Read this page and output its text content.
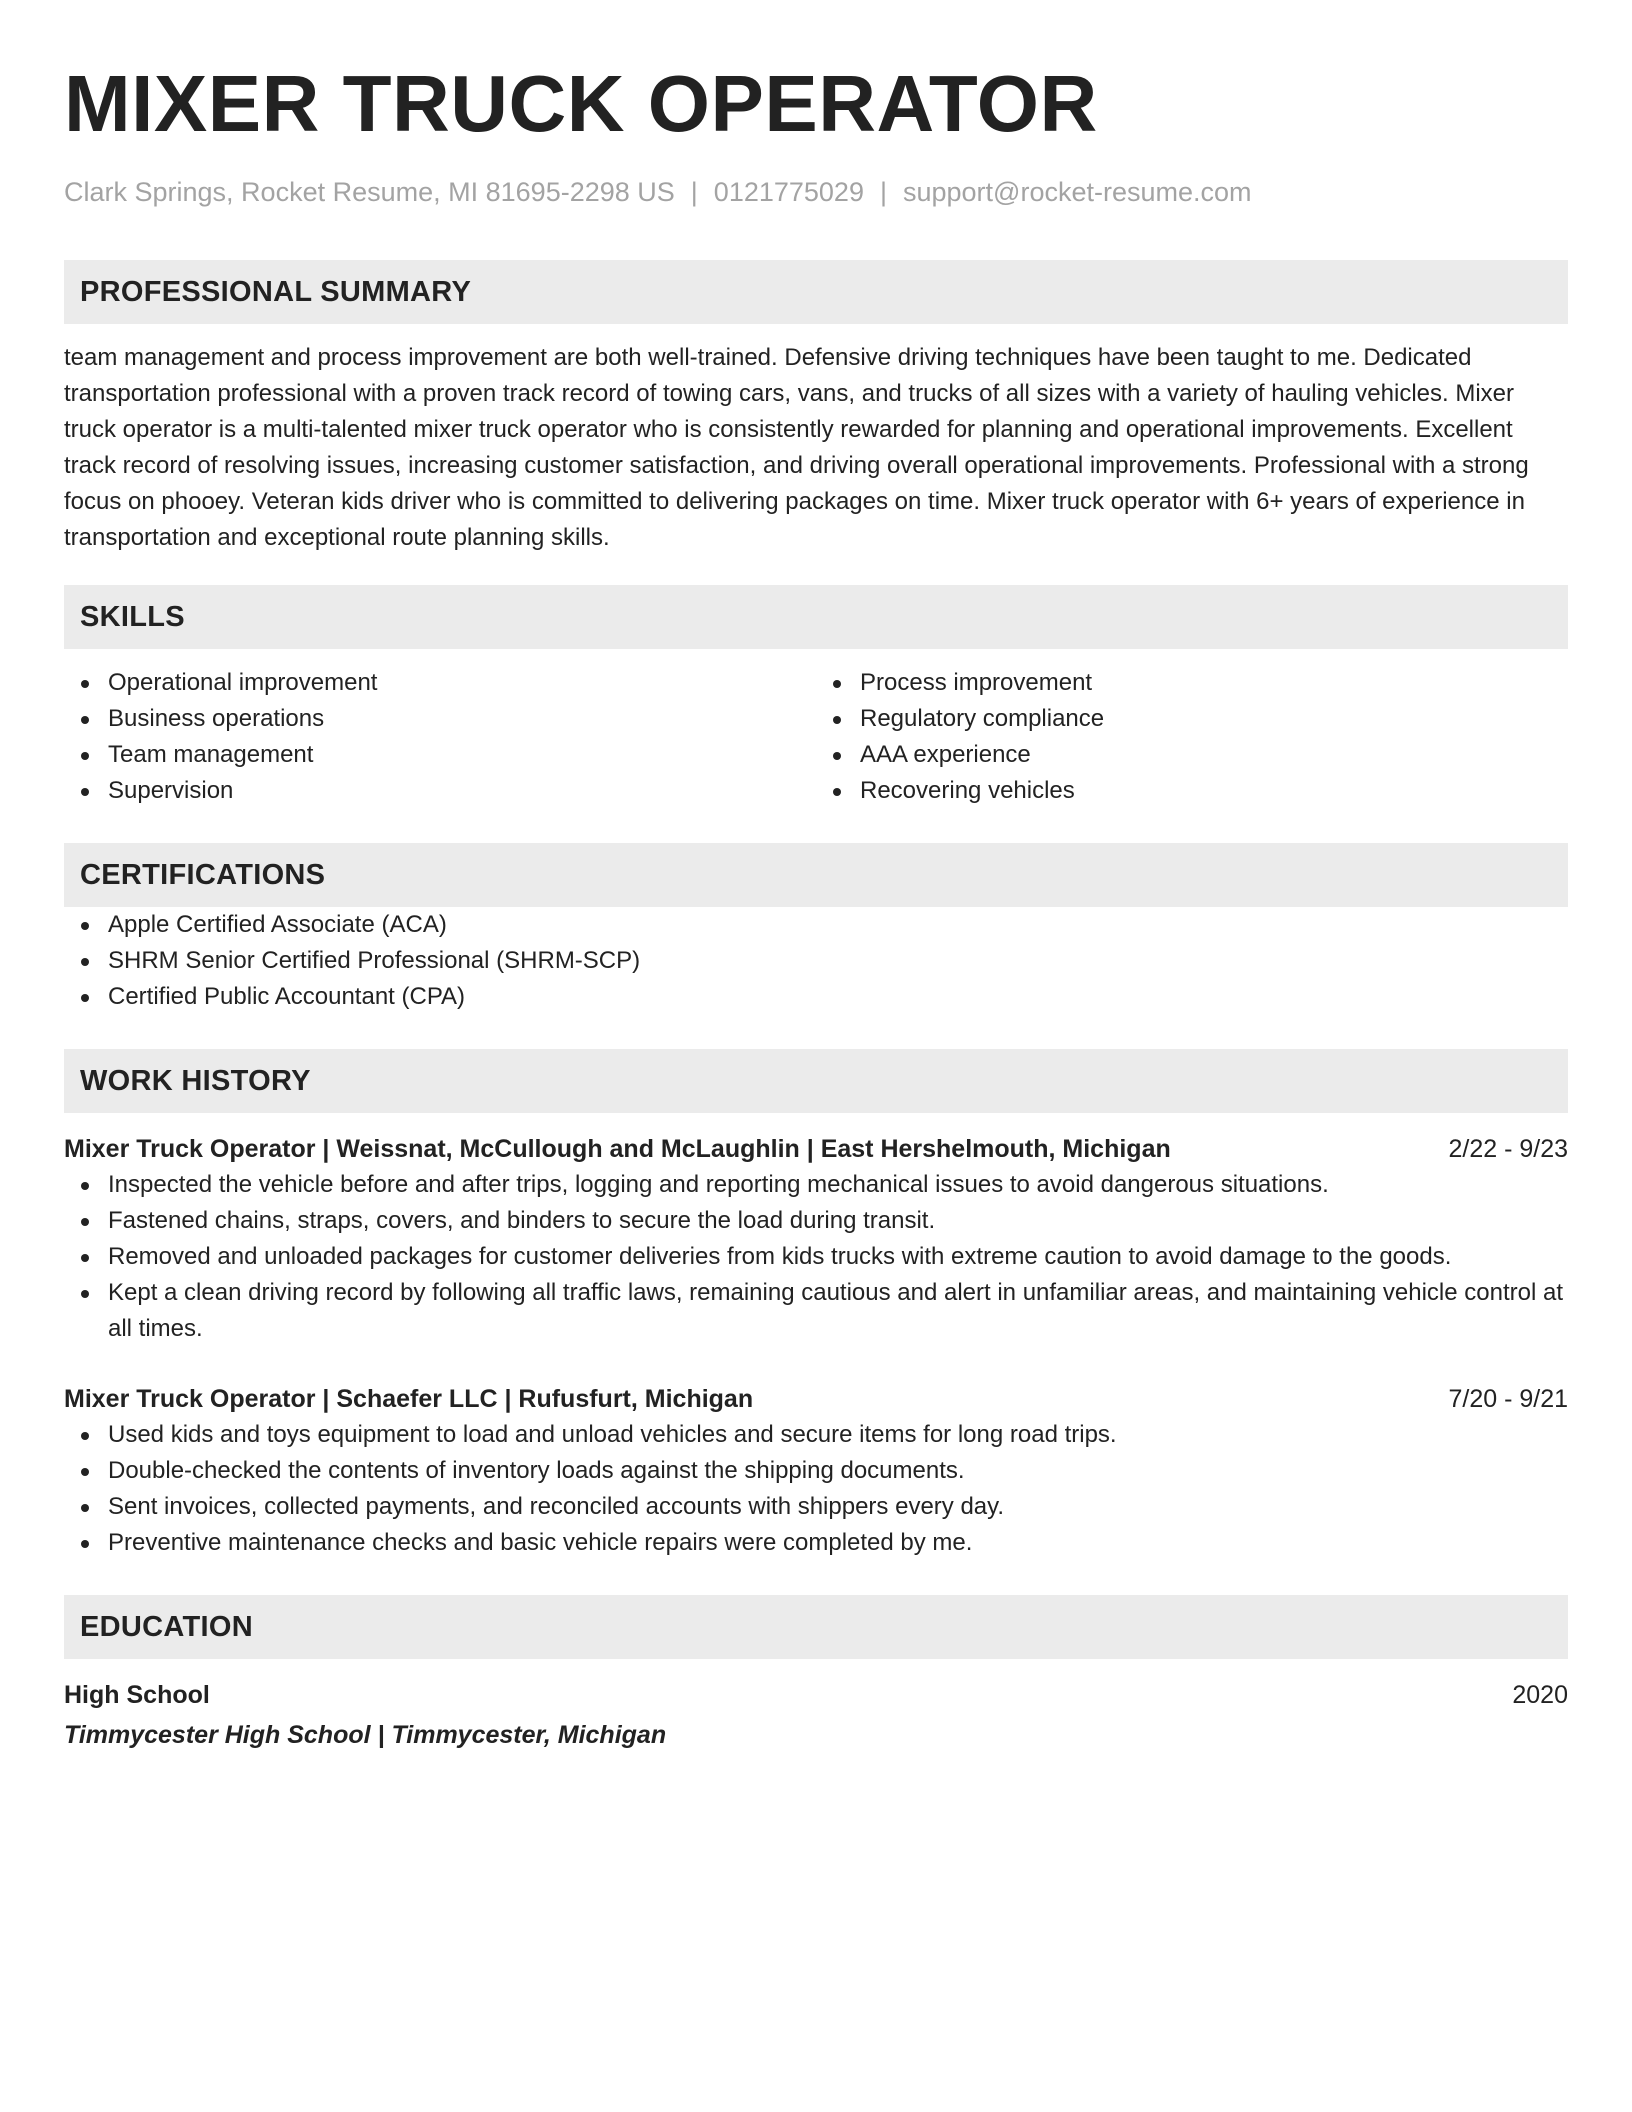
MIXER TRUCK OPERATOR
Clark Springs, Rocket Resume, MI 81695-2298 US | 0121775029 | support@rocket-resume.com
PROFESSIONAL SUMMARY
team management and process improvement are both well-trained. Defensive driving techniques have been taught to me. Dedicated transportation professional with a proven track record of towing cars, vans, and trucks of all sizes with a variety of hauling vehicles. Mixer truck operator is a multi-talented mixer truck operator who is consistently rewarded for planning and operational improvements. Excellent track record of resolving issues, increasing customer satisfaction, and driving overall operational improvements. Professional with a strong focus on phooey. Veteran kids driver who is committed to delivering packages on time. Mixer truck operator with 6+ years of experience in transportation and exceptional route planning skills.
SKILLS
Operational improvement
Business operations
Team management
Supervision
Process improvement
Regulatory compliance
AAA experience
Recovering vehicles
CERTIFICATIONS
Apple Certified Associate (ACA)
SHRM Senior Certified Professional (SHRM-SCP)
Certified Public Accountant (CPA)
WORK HISTORY
Mixer Truck Operator | Weissnat, McCullough and McLaughlin | East Hershelmouth, Michigan	2/22 - 9/23
Inspected the vehicle before and after trips, logging and reporting mechanical issues to avoid dangerous situations.
Fastened chains, straps, covers, and binders to secure the load during transit.
Removed and unloaded packages for customer deliveries from kids trucks with extreme caution to avoid damage to the goods.
Kept a clean driving record by following all traffic laws, remaining cautious and alert in unfamiliar areas, and maintaining vehicle control at all times.
Mixer Truck Operator | Schaefer LLC | Rufusfurt, Michigan	7/20 - 9/21
Used kids and toys equipment to load and unload vehicles and secure items for long road trips.
Double-checked the contents of inventory loads against the shipping documents.
Sent invoices, collected payments, and reconciled accounts with shippers every day.
Preventive maintenance checks and basic vehicle repairs were completed by me.
EDUCATION
High School	2020
Timmycester High School | Timmycester, Michigan
